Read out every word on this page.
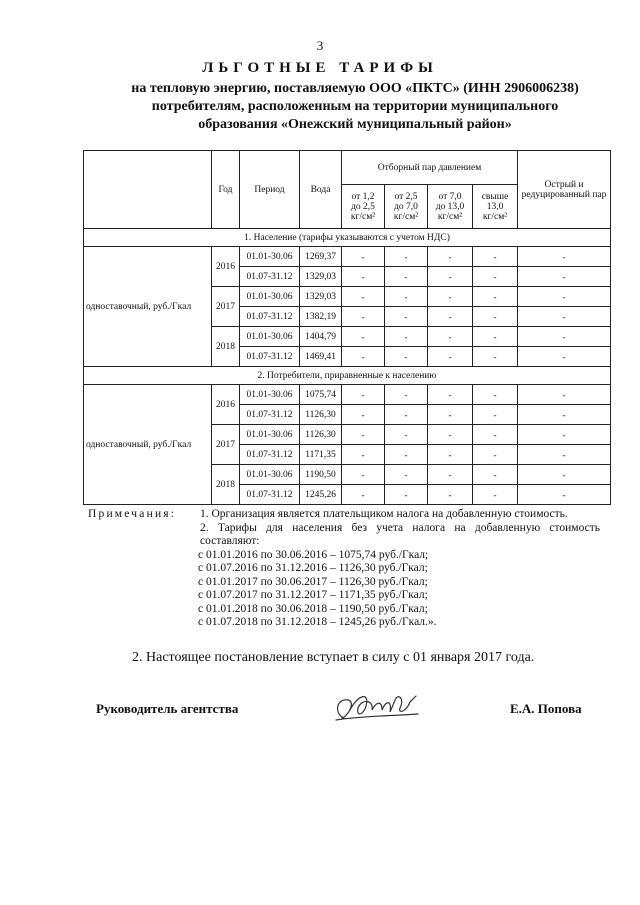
3
ЛЬГОТНЫЕ ТАРИФЫ
на тепловую энергию, поставляемую ООО «ПКТС» (ИНН 2906006238)
потребителям, расположенным на территории муниципального
образования «Онежский муниципальный район»
	Год	Период	Вода	Отборный пар давлением				Острый и редуцированный пар
				от 1,2
до 2,5
кг/см²	от 2,5
до 7,0
кг/см²	от 7,0
до 13,0
кг/см²	свыше
13,0
кг/см²	
1. Население (тарифы указываются с учетом НДС)								
одноставочный, руб./Гкал	2016	01.01-30.06	1269,37	-	-	-	-	-
		01.07-31.12	1329,03	-	-	-	-	-
	2017	01.01-30.06	1329,03	-	-	-	-	-
		01.07-31.12	1382,19	-	-	-	-	-
	2018	01.01-30.06	1404,79	-	-	-	-	-
		01.07-31.12	1469,41	-	-	-	-	-
2. Потребители, приравненные к населению								
одноставочный, руб./Гкал	2016	01.01-30.06	1075,74	-	-	-	-	-
		01.07-31.12	1126,30	-	-	-	-	-
	2017	01.01-30.06	1126,30	-	-	-	-	-
		01.07-31.12	1171,35	-	-	-	-	-
	2018	01.01-30.06	1190,50	-	-	-	-	-
		01.07-31.12	1245,26	-	-	-	-	-
Примечания: 1. Организация является плательщиком налога на добавленную стоимость.
2. Тарифы для населения без учета налога на добавленную стоимость составляют:
с 01.01.2016 по 30.06.2016 – 1075,74 руб./Гкал;
с 01.07.2016 по 31.12.2016 – 1126,30 руб./Гкал;
с 01.01.2017 по 30.06.2017 – 1126,30 руб./Гкал;
с 01.07.2017 по 31.12.2017 – 1171,35 руб./Гкал;
с 01.01.2018 по 30.06.2018 – 1190,50 руб./Гкал;
с 01.07.2018 по 31.12.2018 – 1245,26 руб./Гкал.».
2. Настоящее постановление вступает в силу с 01 января 2017 года.
Руководитель агентства	Е.А. Попова
